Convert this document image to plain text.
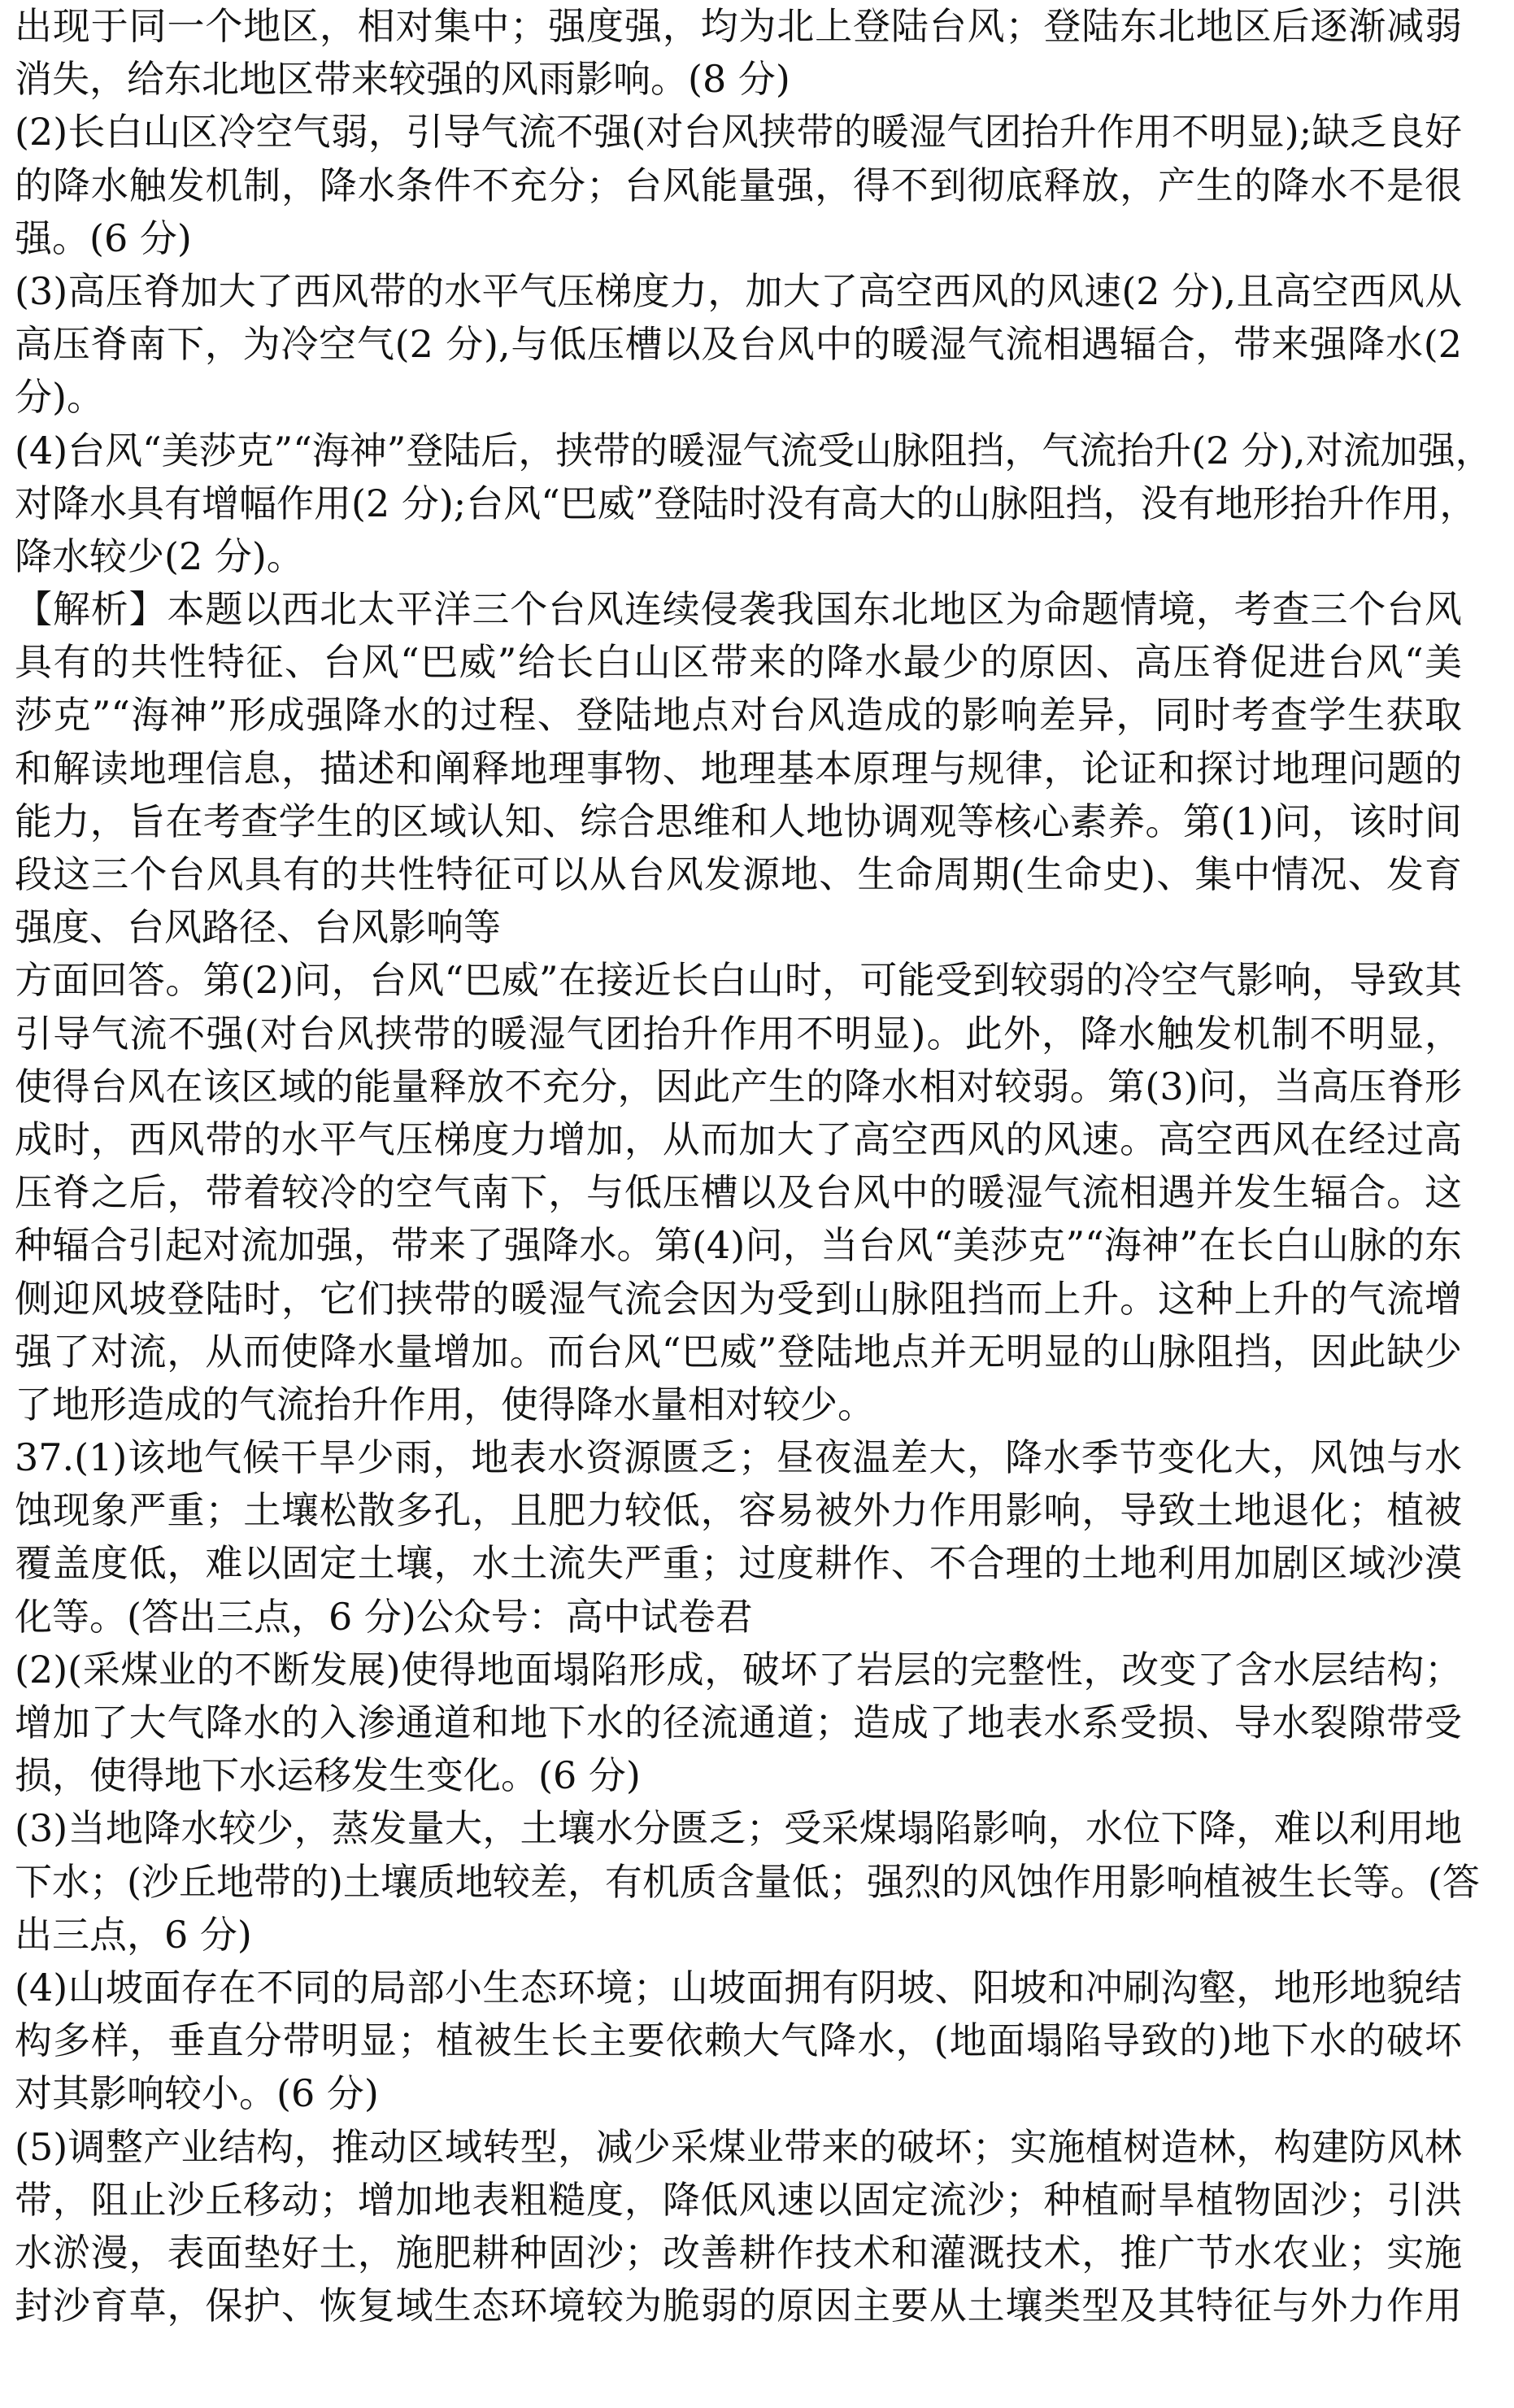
出现于同一个地区，相对集中；强度强，均为北上登陆台风；登陆东北地区后逐渐减弱
消失，给东北地区带来较强的风雨影响。(8 分)
(2)长白山区冷空气弱，引导气流不强(对台风挟带的暖湿气团抬升作用不明显);缺乏良好
的降水触发机制，降水条件不充分；台风能量强，得不到彻底释放，产生的降水不是很
强。(6 分)
(3)高压脊加大了西风带的水平气压梯度力，加大了高空西风的风速(2 分),且高空西风从
高压脊南下，为冷空气(2 分),与低压槽以及台风中的暖湿气流相遇辐合，带来强降水(2
分)。
(4)台风“美莎克”“海神”登陆后，挟带的暖湿气流受山脉阻挡，气流抬升(2 分),对流加强，
对降水具有增幅作用(2 分);台风“巴威”登陆时没有高大的山脉阻挡，没有地形抬升作用，
降水较少(2 分)。
【解析】本题以西北太平洋三个台风连续侵袭我国东北地区为命题情境，考查三个台风
具有的共性特征、台风“巴威”给长白山区带来的降水最少的原因、高压脊促进台风“美
莎克”“海神”形成强降水的过程、登陆地点对台风造成的影响差异，同时考查学生获取
和解读地理信息，描述和阐释地理事物、地理基本原理与规律，论证和探讨地理问题的
能力，旨在考查学生的区域认知、综合思维和人地协调观等核心素养。第(1)问，该时间
段这三个台风具有的共性特征可以从台风发源地、生命周期(生命史)、集中情况、发育
强度、台风路径、台风影响等
方面回答。第(2)问，台风“巴威”在接近长白山时，可能受到较弱的冷空气影响，导致其
引导气流不强(对台风挟带的暖湿气团抬升作用不明显)。此外，降水触发机制不明显，
使得台风在该区域的能量释放不充分，因此产生的降水相对较弱。第(3)问，当高压脊形
成时，西风带的水平气压梯度力增加，从而加大了高空西风的风速。高空西风在经过高
压脊之后，带着较冷的空气南下，与低压槽以及台风中的暖湿气流相遇并发生辐合。这
种辐合引起对流加强，带来了强降水。第(4)问，当台风“美莎克”“海神”在长白山脉的东
侧迎风坡登陆时，它们挟带的暖湿气流会因为受到山脉阻挡而上升。这种上升的气流增
强了对流，从而使降水量增加。而台风“巴威”登陆地点并无明显的山脉阻挡，因此缺少
了地形造成的气流抬升作用，使得降水量相对较少。
37.(1)该地气候干旱少雨，地表水资源匮乏；昼夜温差大，降水季节变化大，风蚀与水
蚀现象严重；土壤松散多孔，且肥力较低，容易被外力作用影响，导致土地退化；植被
覆盖度低，难以固定土壤，水土流失严重；过度耕作、不合理的土地利用加剧区域沙漠
化等。(答出三点，6 分)公众号：高中试卷君
(2)(采煤业的不断发展)使得地面塌陷形成，破坏了岩层的完整性，改变了含水层结构；
增加了大气降水的入渗通道和地下水的径流通道；造成了地表水系受损、导水裂隙带受
损，使得地下水运移发生变化。(6 分)
(3)当地降水较少，蒸发量大，土壤水分匮乏；受采煤塌陷影响，水位下降，难以利用地
下水；(沙丘地带的)土壤质地较差，有机质含量低；强烈的风蚀作用影响植被生长等。(答
出三点，6 分)
(4)山坡面存在不同的局部小生态环境；山坡面拥有阴坡、阳坡和冲刷沟壑，地形地貌结
构多样，垂直分带明显；植被生长主要依赖大气降水，(地面塌陷导致的)地下水的破坏
对其影响较小。(6 分)
(5)调整产业结构，推动区域转型，减少采煤业带来的破坏；实施植树造林，构建防风林
带，阻止沙丘移动；增加地表粗糙度，降低风速以固定流沙；种植耐旱植物固沙；引洪
水淤漫，表面垫好土，施肥耕种固沙；改善耕作技术和灌溉技术，推广节水农业；实施
封沙育草，保护、恢复域生态环境较为脆弱的原因主要从土壤类型及其特征与外力作用
